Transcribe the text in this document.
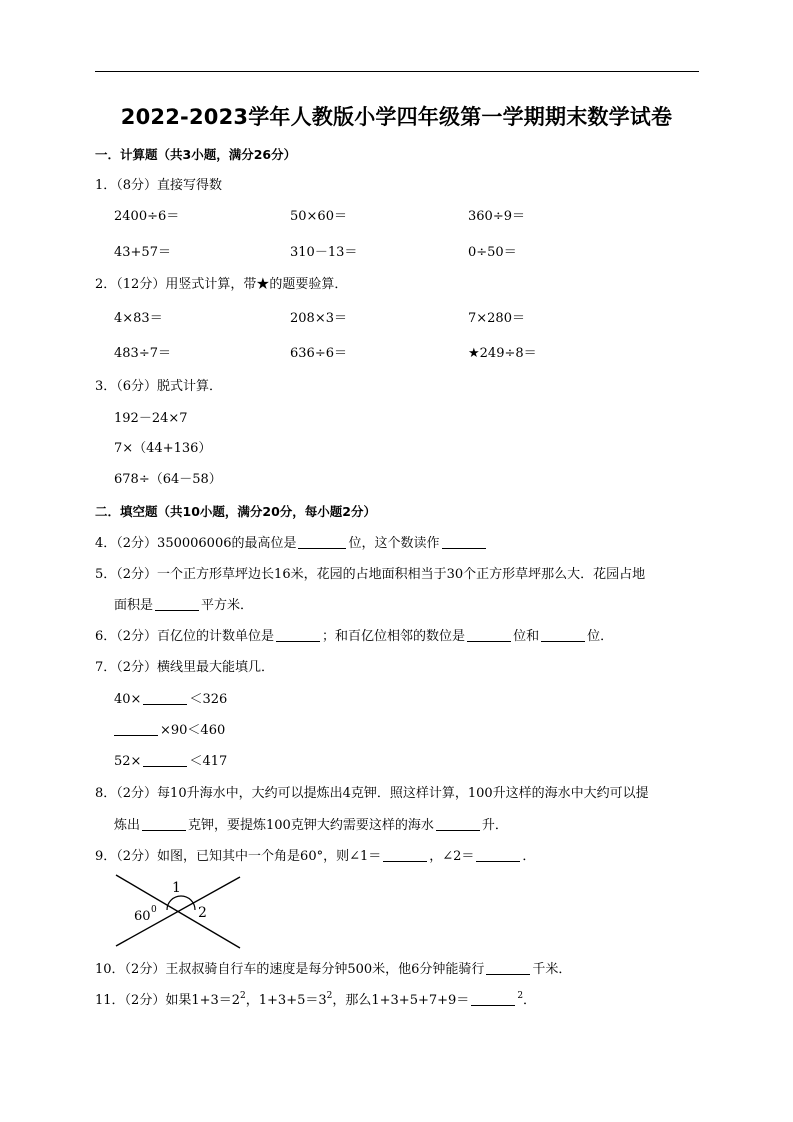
2022-2023学年人教版小学四年级第一学期期末数学试卷
一．计算题（共3小题，满分26分）
1．（8分）直接写得数
2400÷6＝	50×60＝	360÷9＝
43+57＝	310－13＝	0÷50＝
2．（12分）用竖式计算，带★的题要验算．
4×83＝	208×3＝	7×280＝
483÷7＝	636÷6＝	★249÷8＝
3．（6分）脱式计算．
192－24×7
7×（44+136）
678÷（64－58）
二．填空题（共10小题，满分20分，每小题2分）
4．（2分）350006006的最高位是	位，这个数读作
5．（2分）一个正方形草坪边长16米，花园的占地面积相当于30个正方形草坪那么大．花园占地
面积是	平方米．
6．（2分）百亿位的计数单位是	；和百亿位相邻的数位是	位和	位．
7．（2分）横线里最大能填几．
40×	＜326
×90＜460
52×	＜417
8．（2分）每10升海水中，大约可以提炼出4克钾．照这样计算，100升这样的海水中大约可以提
炼出	克钾，要提炼100克钾大约需要这样的海水	升．
9．（2分）如图，已知其中一个角是60°，则∠1＝	，∠2＝	．
1
2
60 0
10．（2分）王叔叔骑自行车的速度是每分钟500米，他6分钟能骑行	千米．
11．（2分）如果$1+3=2^2$，$1+3+5=3^2$，那么1+3+5+7+9＝	$^2$．
